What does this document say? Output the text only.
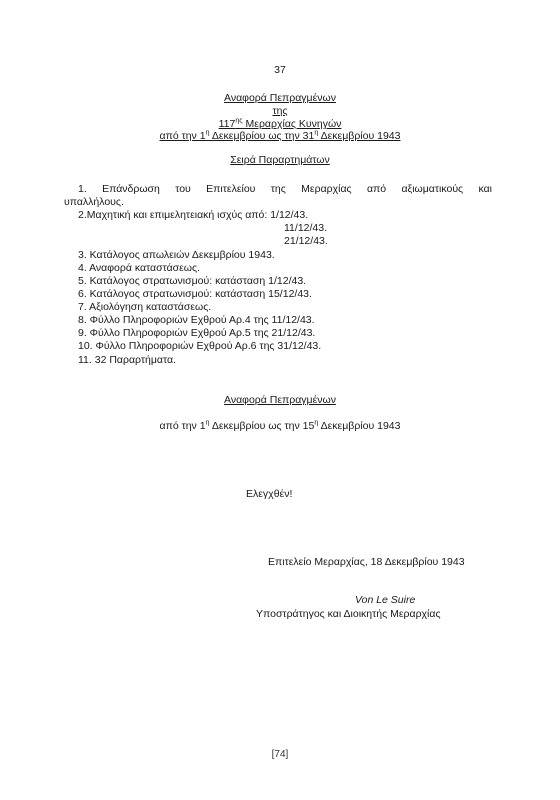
37
Αναφορά Πεπραγμένων
της
$117^{\eta\varsigma}$ Μεραρχίας Κυνηγών
από την $1^\eta$ Δεκεμβρίου ως την $31^\eta$ Δεκεμβρίου 1943
Σειρά Παραρτημάτων
1. Επάνδρωση του Επιτελείου της Μεραρχίας από αξιωματικούς και
υπαλλήλους.
2.Μαχητική και επιμελητειακή ισχύς από: 1/12/43.
11/12/43.
21/12/43.
3. Κατάλογος απωλειών Δεκεμβρίου 1943.
4. Αναφορά καταστάσεως.
5. Κατάλογος στρατωνισμού: κατάσταση 1/12/43.
6. Κατάλογος στρατωνισμού: κατάσταση 15/12/43.
7. Αξιολόγηση καταστάσεως.
8. Φύλλο Πληροφοριών Εχθρού Αρ.4 της 11/12/43.
9. Φύλλο Πληροφοριών Εχθρού Αρ.5 της 21/12/43.
10. Φύλλο Πληροφοριών Εχθρού Αρ.6 της 31/12/43.
11. 32 Παραρτήματα.
Αναφορά Πεπραγμένων
από την $1^\eta$ Δεκεμβρίου ως την $15^\eta$ Δεκεμβρίου 1943
Ελεγχθέν!
Επιτελείο Μεραρχίας, 18 Δεκεμβρίου 1943
Von Le Suire
Υποστράτηγος και Διοικητής Μεραρχίας
[74]
